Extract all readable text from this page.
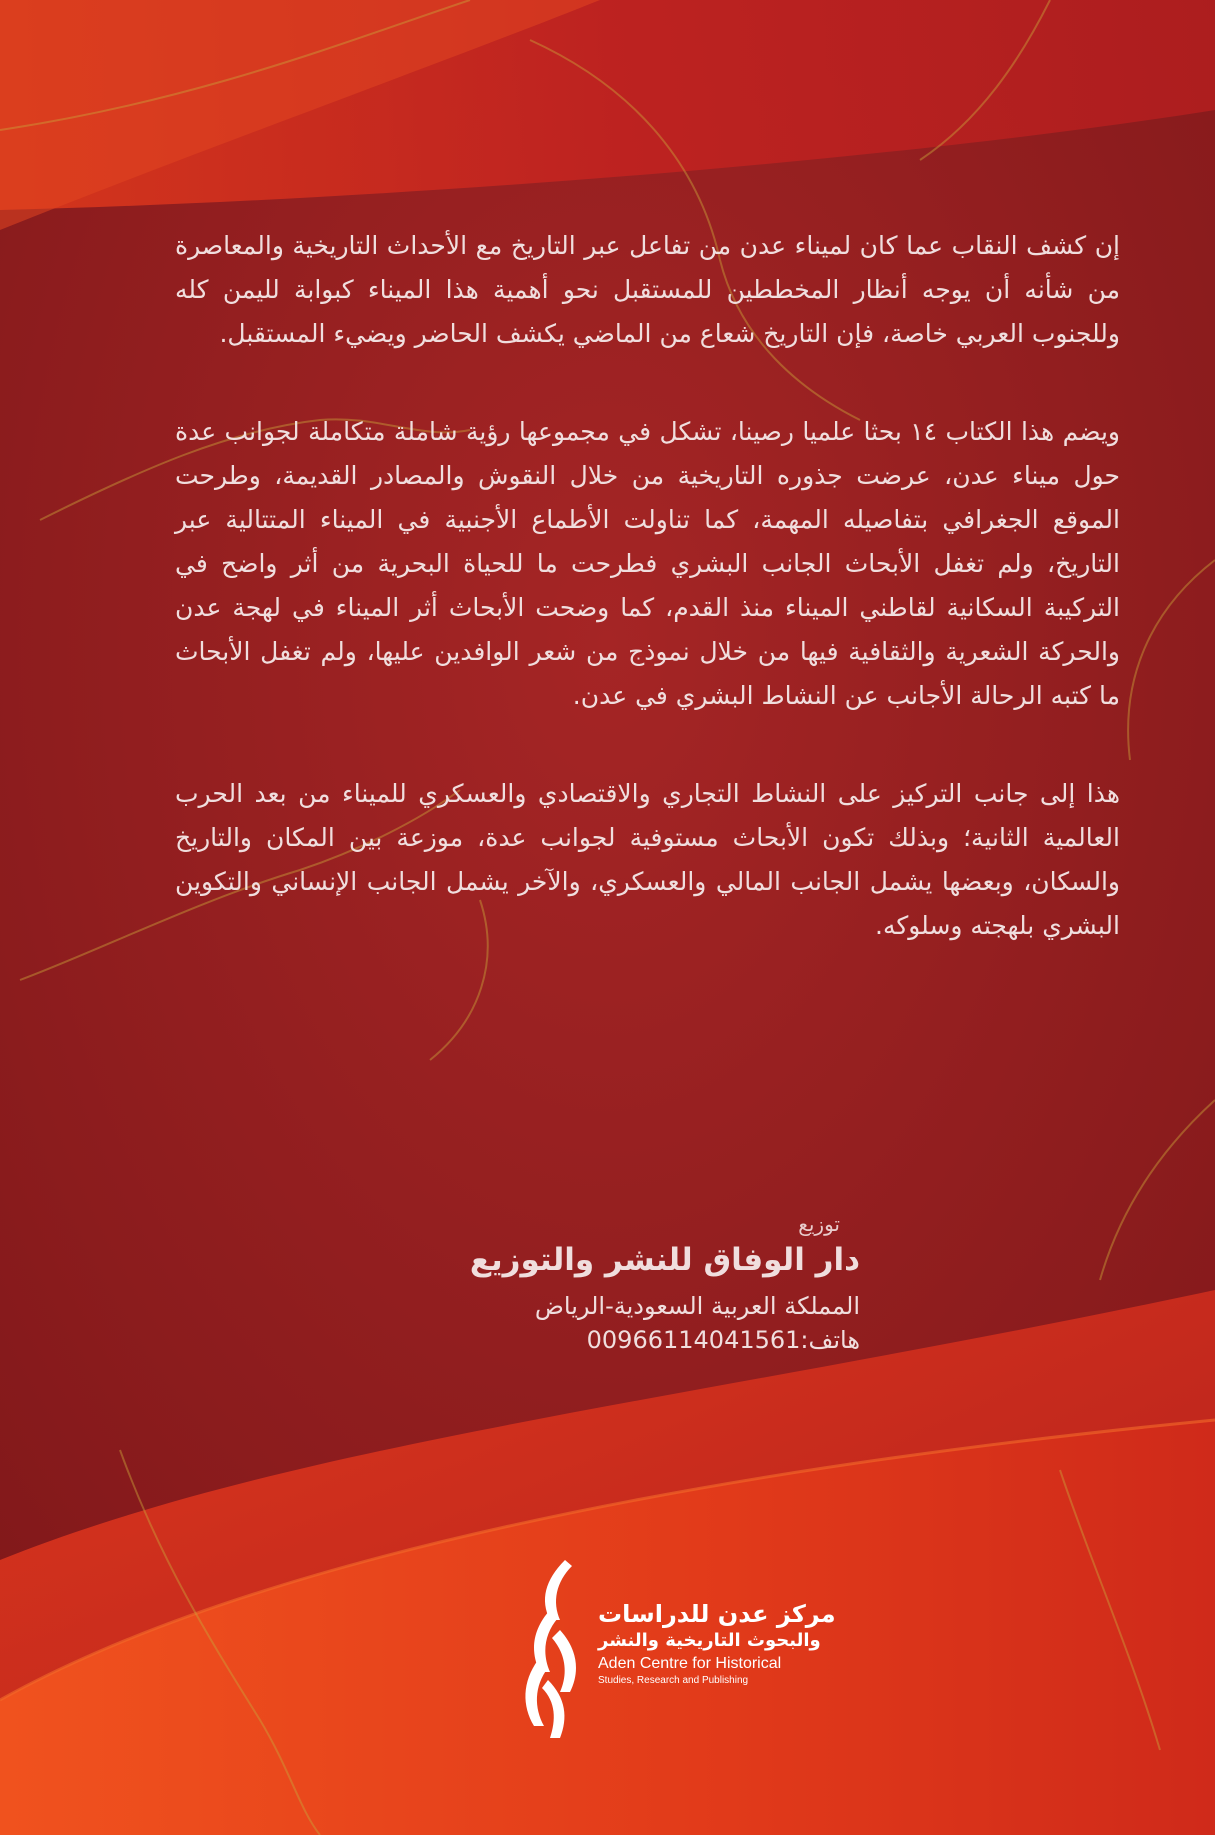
إن كشف النقاب عما كان لميناء عدن من تفاعل عبر التاريخ مع الأحداث التاريخية والمعاصرة من شأنه أن يوجه أنظار المخططين للمستقبل نحو أهمية هذا الميناء كبوابة لليمن كله وللجنوب العربي خاصة، فإن التاريخ شعاع من الماضي يكشف الحاضر ويضيء المستقبل.

ويضم هذا الكتاب ١٤ بحثا علميا رصينا، تشكل في مجموعها رؤية شاملة متكاملة لجوانب عدة حول ميناء عدن، عرضت جذوره التاريخية من خلال النقوش والمصادر القديمة، وطرحت الموقع الجغرافي بتفاصيله المهمة، كما تناولت الأطماع الأجنبية في الميناء المتتالية عبر التاريخ، ولم تغفل الأبحاث الجانب البشري فطرحت ما للحياة البحرية من أثر واضح في التركيبة السكانية لقاطني الميناء منذ القدم، كما وضحت الأبحاث أثر الميناء في لهجة عدن والحركة الشعرية والثقافية فيها من خلال نموذج من شعر الوافدين عليها، ولم تغفل الأبحاث ما كتبه الرحالة الأجانب عن النشاط البشري في عدن.

هذا إلى جانب التركيز على النشاط التجاري والاقتصادي والعسكري للميناء من بعد الحرب العالمية الثانية؛ وبذلك تكون الأبحاث مستوفية لجوانب عدة، موزعة بين المكان والتاريخ والسكان، وبعضها يشمل الجانب المالي والعسكري، والآخر يشمل الجانب الإنساني والتكوين البشري بلهجته وسلوكه.

توزيع
دار الوفاق للنشر والتوزيع
المملكة العربية السعودية-الرياض
هاتف:00966114041561
مركز عدن للدراسات
والبحوث التاريخية والنشر
Aden Centre for Historical
Studies, Research and Publishing
